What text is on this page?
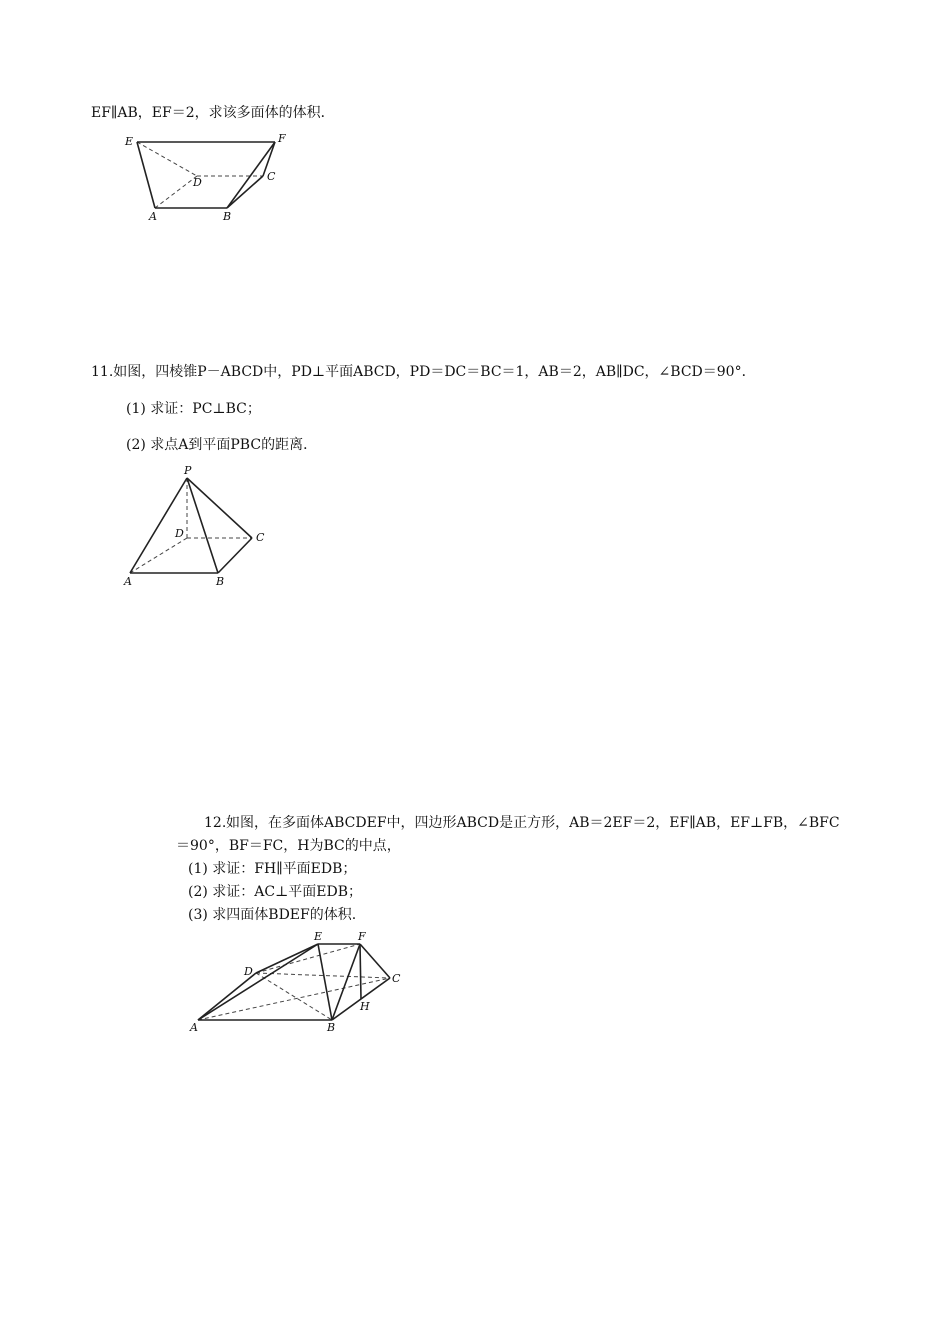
EF∥AB，EF＝2，求该多面体的体积．
E	F
D	C
A	B
11.如图，四棱锥P－ABCD中，PD⊥平面ABCD，PD＝DC＝BC＝1，AB＝2，AB∥DC，∠BCD＝90°．
(1) 求证：PC⊥BC；
(2) 求点A到平面PBC的距离．
P
D	C
A	B
12. 如图，在多面体ABCDEF中，四边形ABCD是正方形，AB＝2EF＝2，EF∥AB，EF⊥FB，∠BFC
＝90°，BF＝FC，H为BC的中点，
(1) 求证：FH∥平面EDB；
(2) 求证：AC⊥平面EDB；
(3) 求四面体BDEF的体积.
E	F
D
C
H
A	B
